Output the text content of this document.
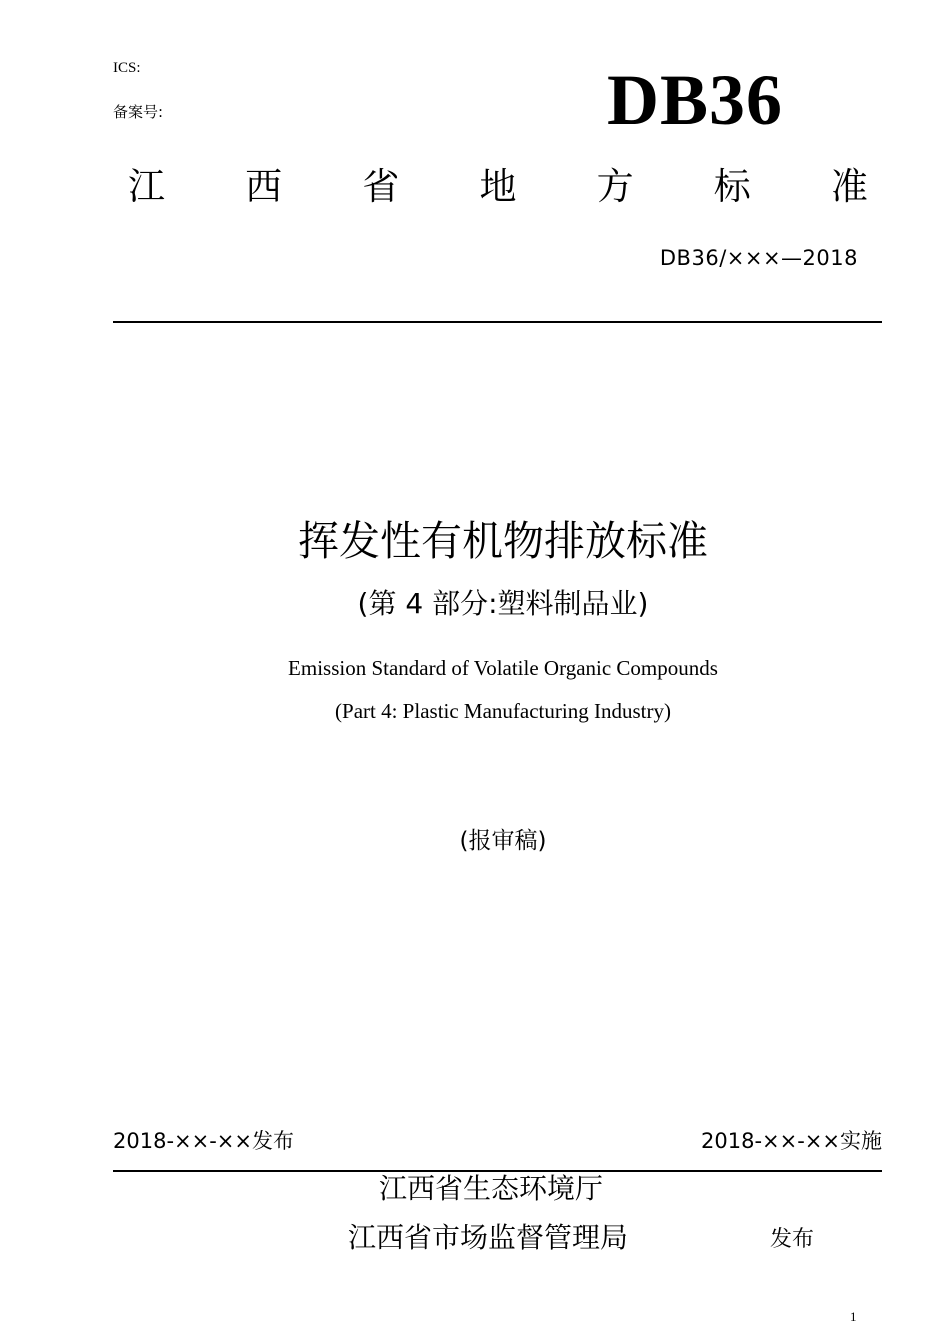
ICS:
备案号:	DB36
江 西 省 地 方 标 准
DB36/×××—2018
挥发性有机物排放标准
(第 4 部分:塑料制品业)
Emission Standard of Volatile Organic Compounds
(Part 4: Plastic Manufacturing Industry)
(报审稿)
2018-××-××发布	2018-××-××实施
江西省生态环境厅
江西省市场监督管理局	发布
1
